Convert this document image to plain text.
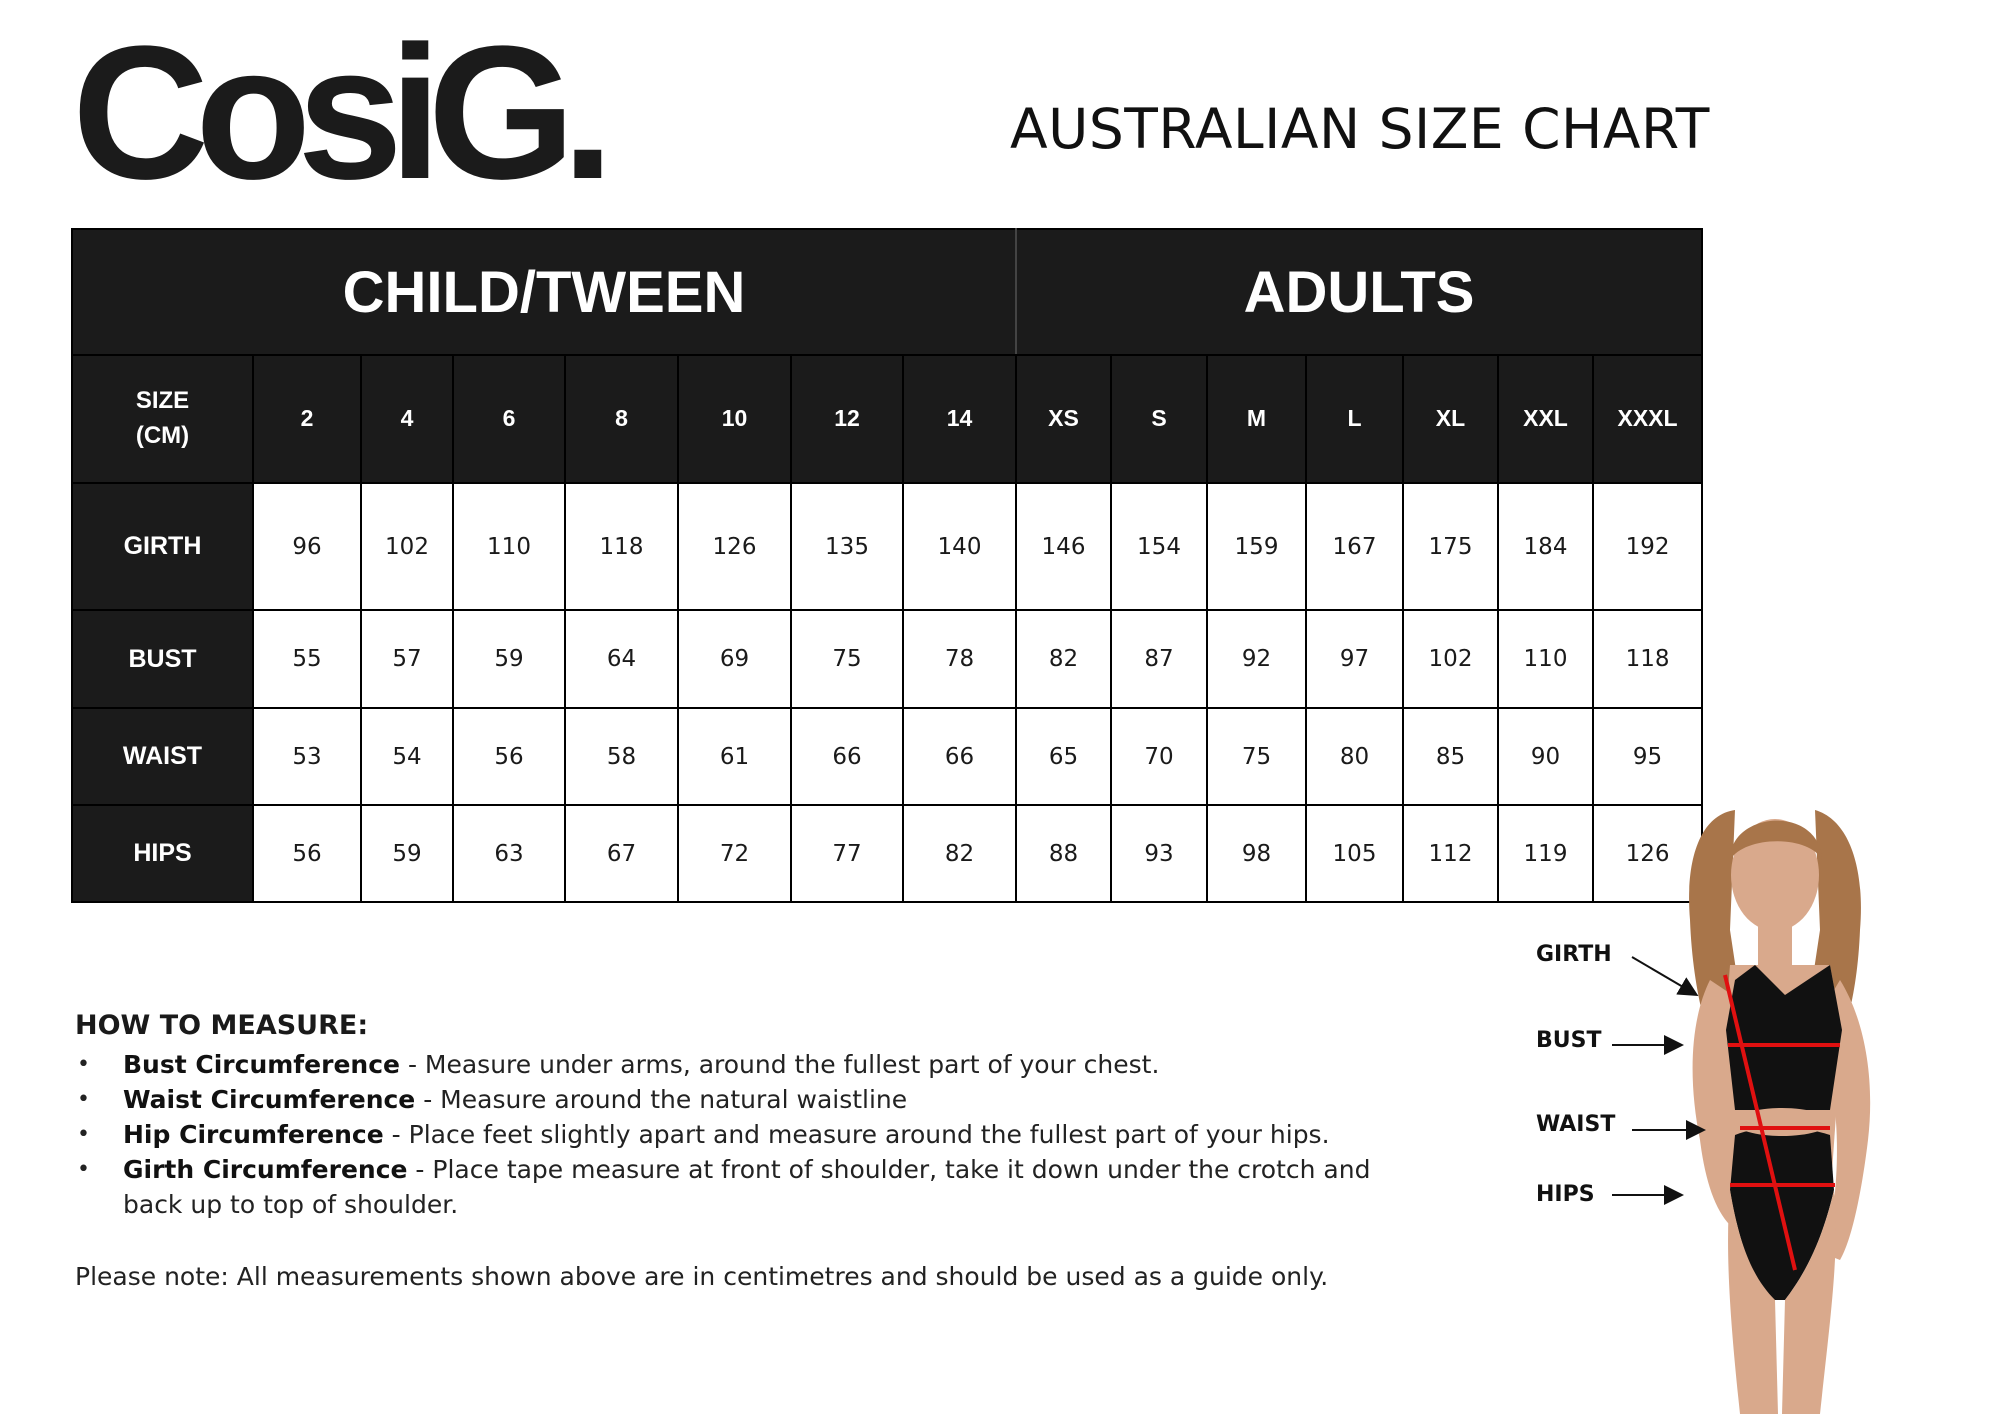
CosiG.	AUSTRALIAN SIZE CHART
CHILD/TWEEN								ADULTS						
SIZE
(CM)	2	4	6	8	10	12	14	XS	S	M	L	XL	XXL	XXXL
GIRTH	96	102	110	118	126	135	140	146	154	159	167	175	184	192
BUST	55	57	59	64	69	75	78	82	87	92	97	102	110	118
WAIST	53	54	56	58	61	66	66	65	70	75	80	85	90	95
HIPS	56	59	63	67	72	77	82	88	93	98	105	112	119	126
HOW TO MEASURE:
• Bust Circumference - Measure under arms, around the fullest part of your chest.
• Waist Circumference - Measure around the natural waistline
• Hip Circumference - Place feet slightly apart and measure around the fullest part of your hips.
• Girth Circumference - Place tape measure at front of shoulder, take it down under the crotch and back up to top of shoulder.
Please note: All measurements shown above are in centimetres and should be used as a guide only.
GIRTH
BUST
WAIST
HIPS
